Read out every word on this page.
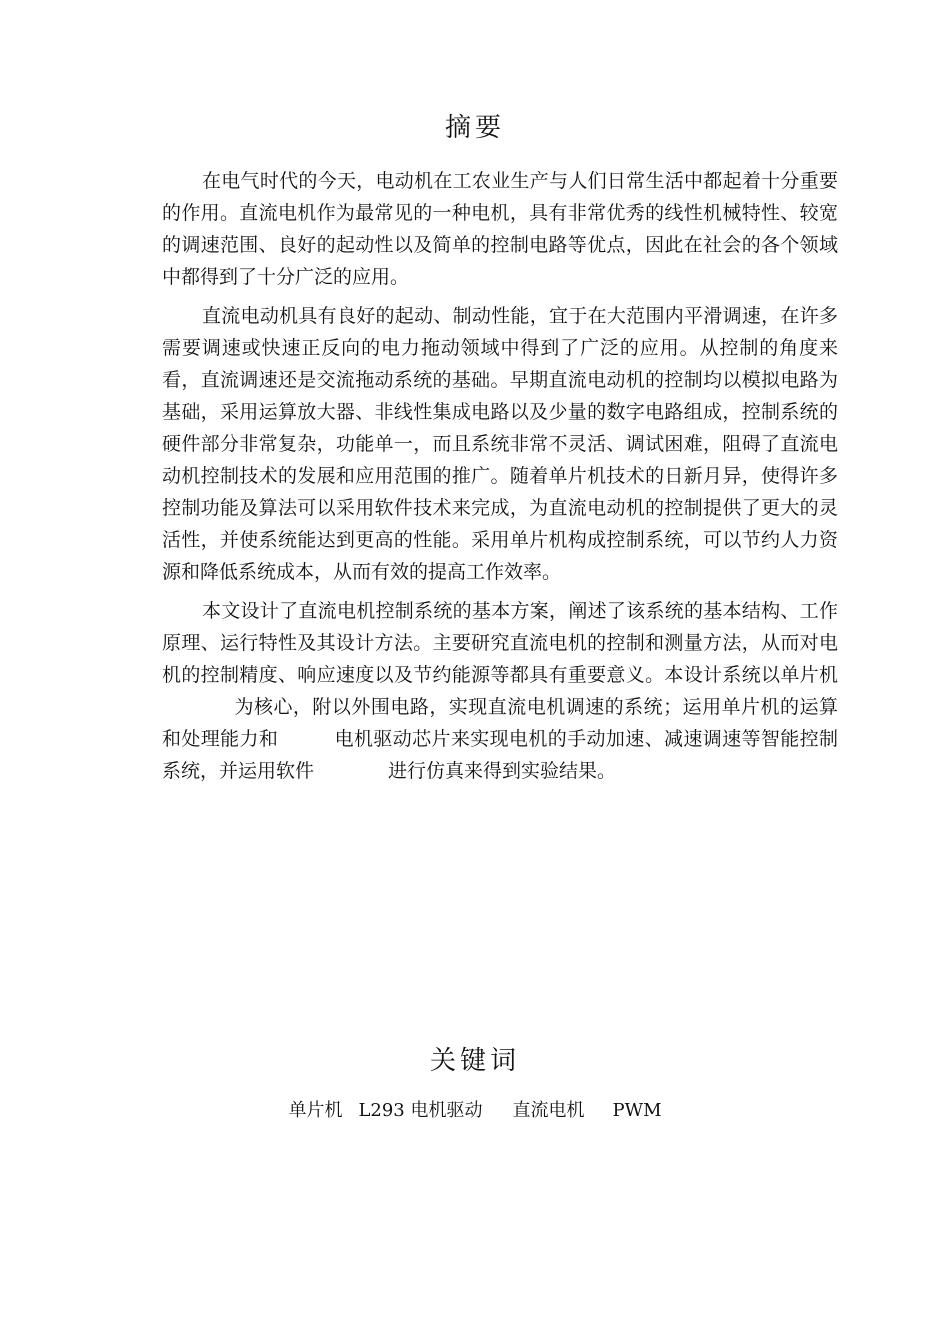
摘要

在电气时代的今天，电动机在工农业生产与人们日常生活中都起着十分重要的作用。直流电机作为最常见的一种电机，具有非常优秀的线性机械特性、较宽的调速范围、良好的起动性以及简单的控制电路等优点，因此在社会的各个领域中都得到了十分广泛的应用。

直流电动机具有良好的起动、制动性能，宜于在大范围内平滑调速，在许多需要调速或快速正反向的电力拖动领域中得到了广泛的应用。从控制的角度来看，直流调速还是交流拖动系统的基础。早期直流电动机的控制均以模拟电路为基础，采用运算放大器、非线性集成电路以及少量的数字电路组成，控制系统的硬件部分非常复杂，功能单一，而且系统非常不灵活、调试困难，阻碍了直流电动机控制技术的发展和应用范围的推广。随着单片机技术的日新月异，使得许多控制功能及算法可以采用软件技术来完成，为直流电动机的控制提供了更大的灵活性，并使系统能达到更高的性能。采用单片机构成控制系统，可以节约人力资源和降低系统成本，从而有效的提高工作效率。

本文设计了直流电机控制系统的基本方案，阐述了该系统的基本结构、工作原理、运行特性及其设计方法。主要研究直流电机的控制和测量方法，从而对电机的控制精度、响应速度以及节约能源等都具有重要意义。本设计系统以单片机为核心，附以外围电路，实现直流电机调速的系统；运用单片机的运算和处理能力和	电机驱动芯片来实现电机的手动加速、减速调速等智能控制系统，并运用软件	进行仿真来得到实验结果。

关键词
单片机 L293 电机驱动 直流电机 PWM
